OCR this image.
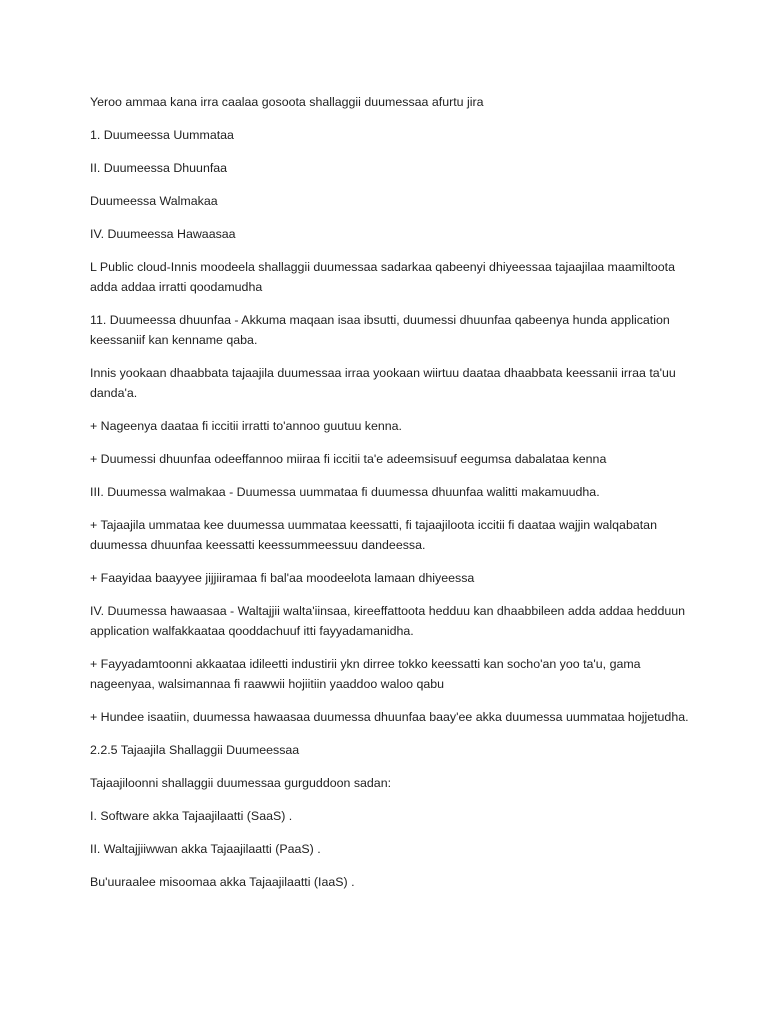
Yeroo ammaa kana irra caalaa gosoota shallaggii duumessaa afurtu jira

1. Duumeessa Uummataa

II. Duumeessa Dhuunfaa

Duumeessa Walmakaa

IV. Duumeessa Hawaasaa

L Public cloud-Innis moodeela shallaggii duumessaa sadarkaa qabeenyi dhiyeessaa tajaajilaa maamiltoota adda addaa irratti qoodamudha

11. Duumeessa dhuunfaa - Akkuma maqaan isaa ibsutti, duumessi dhuunfaa qabeenya hunda application keessaniif kan kenname qaba.

Innis yookaan dhaabbata tajaajila duumessaa irraa yookaan wiirtuu daataa dhaabbata keessanii irraa ta'uu danda'a.

+ Nageenya daataa fi iccitii irratti to'annoo guutuu kenna.

+ Duumessi dhuunfaa odeeffannoo miiraa fi iccitii ta'e adeemsisuuf eegumsa dabalataa kenna

III. Duumessa walmakaa - Duumessa uummataa fi duumessa dhuunfaa walitti makamuudha.

+ Tajaajila ummataa kee duumessa uummataa keessatti, fi tajaajiloota iccitii fi daataa wajjin walqabatan duumessa dhuunfaa keessatti keessummeessuu dandeessa.

+ Faayidaa baayyee jijjiiramaa fi bal'aa moodeelota lamaan dhiyeessa

IV. Duumessa hawaasaa - Waltajjii walta'iinsaa, kireeffattoota hedduu kan dhaabbileen adda addaa hedduun application walfakkaataa qooddachuuf itti fayyadamanidha.

+ Fayyadamtoonni akkaataa idileetti industirii ykn dirree tokko keessatti kan socho'an yoo ta'u, gama nageenyaa, walsimannaa fi raawwii hojiitiin yaaddoo waloo qabu

+ Hundee isaatiin, duumessa hawaasaa duumessa dhuunfaa baay'ee akka duumessa uummataa hojjetudha.

2.2.5 Tajaajila Shallaggii Duumeessaa

Tajaajiloonni shallaggii duumessaa gurguddoon sadan:

I. Software akka Tajaajilaatti (SaaS) .

II. Waltajjiiwwan akka Tajaajilaatti (PaaS) .

Bu'uuraalee misoomaa akka Tajaajilaatti (IaaS) .
